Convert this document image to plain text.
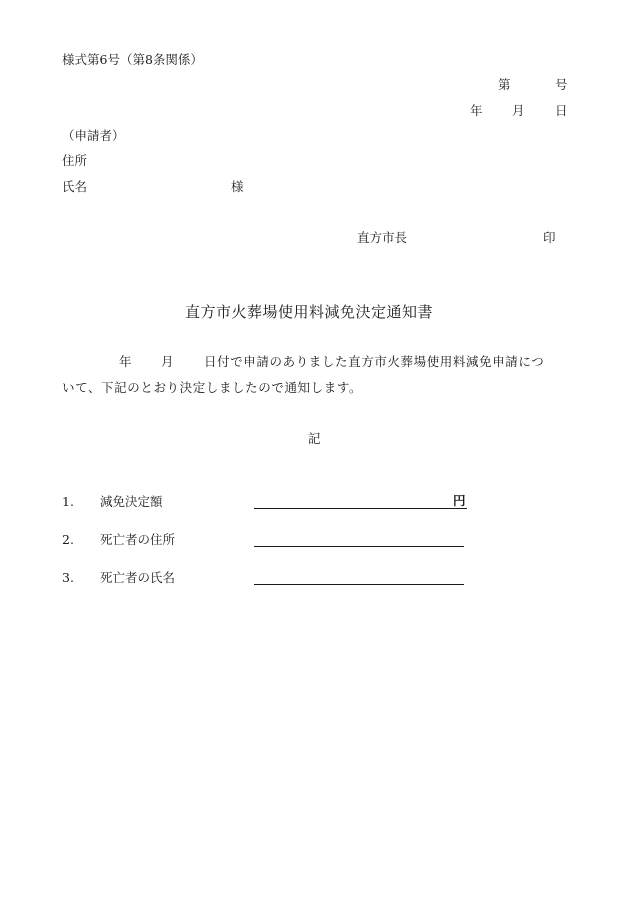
様式第6号（第8条関係）
第	号
年 月 日
（申請者）
住所
氏名	様
直方市長	印
直方市火葬場使用料減免決定通知書
年 月 日付で申請のありました直方市火葬場使用料減免申請につ
いて、下記のとおり決定しましたので通知します。
記
1. 減免決定額	円
2. 死亡者の住所
3. 死亡者の氏名
